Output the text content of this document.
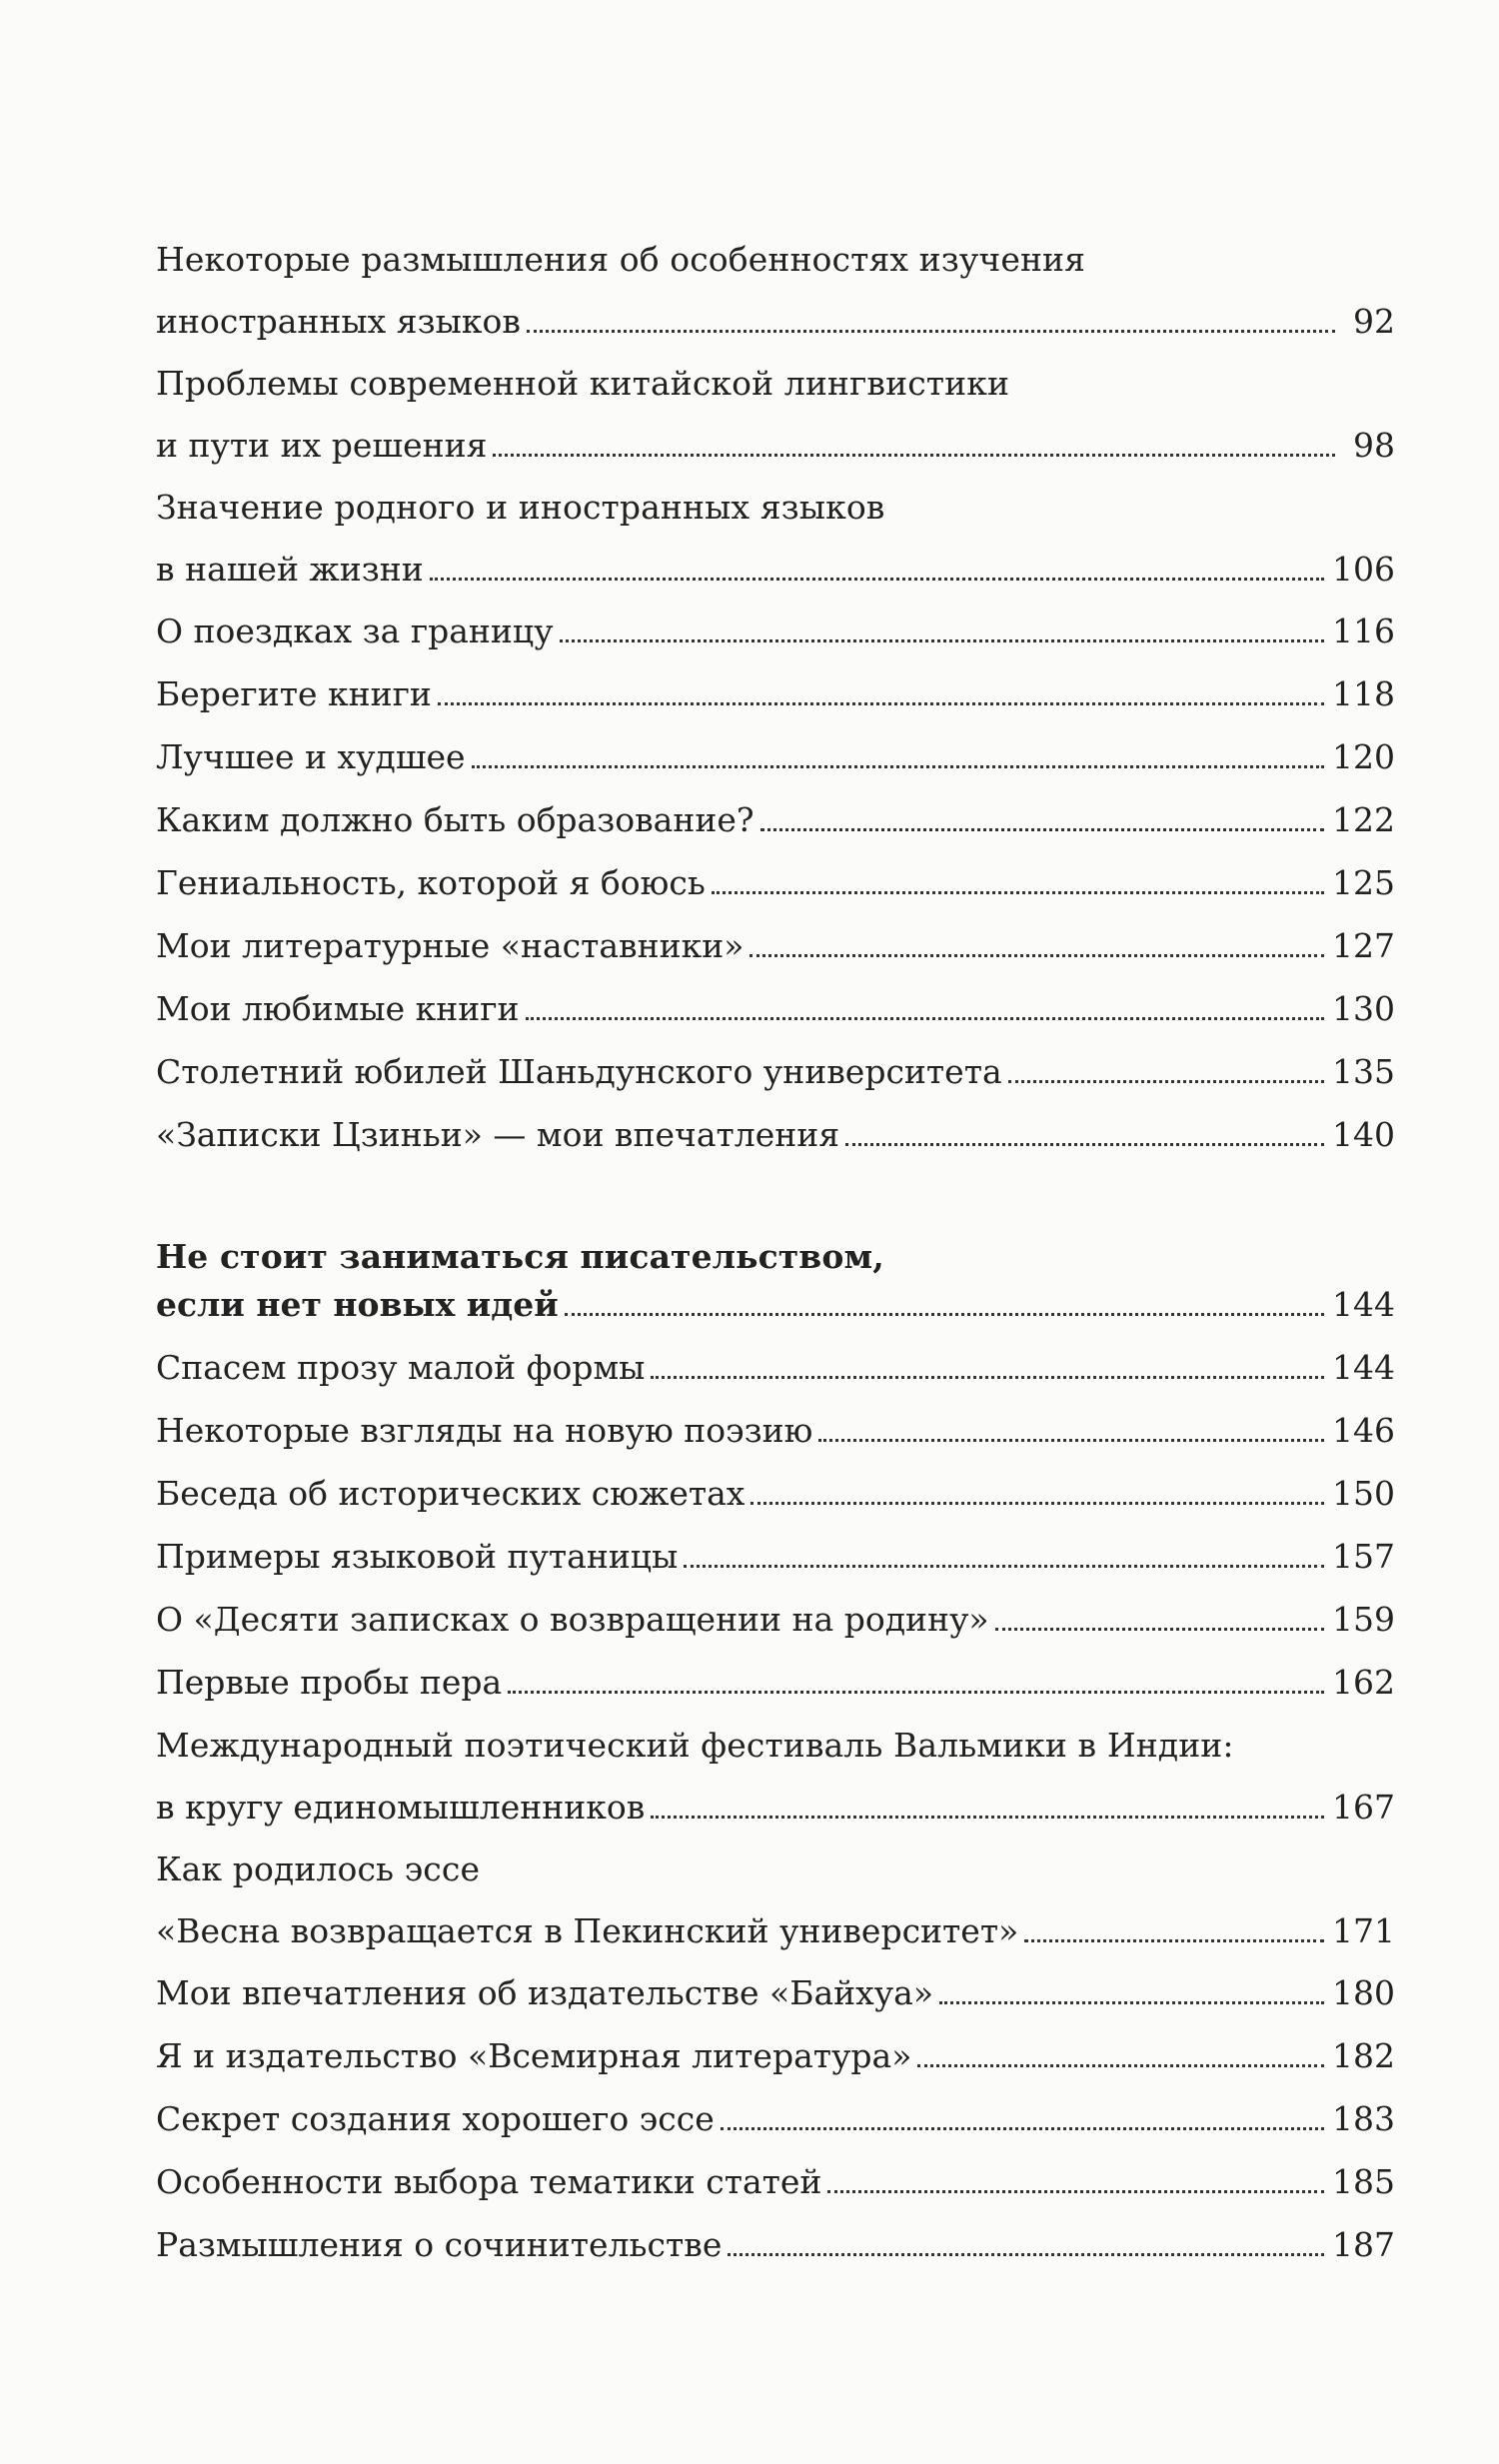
Некоторые размышления об особенностях изучения
иностранных языков	92
Проблемы современной китайской лингвистики
и пути их решения	98
Значение родного и иностранных языков
в нашей жизни	106
О поездках за границу	116
Берегите книги	118
Лучшее и худшее	120
Каким должно быть образование?	122
Гениальность, которой я боюсь	125
Мои литературные «наставники»	127
Мои любимые книги	130
Столетний юбилей Шаньдунского университета	135
«Записки Цзиньи» — мои впечатления	140
Не стоит заниматься писательством,
если нет новых идей	144
Спасем прозу малой формы	144
Некоторые взгляды на новую поэзию	146
Беседа об исторических сюжетах	150
Примеры языковой путаницы	157
О «Десяти записках о возвращении на родину»	159
Первые пробы пера	162
Международный поэтический фестиваль Вальмики в Индии:
в кругу единомышленников	167
Как родилось эссе
«Весна возвращается в Пекинский университет»	171
Мои впечатления об издательстве «Байхуа»	180
Я и издательство «Всемирная литература»	182
Секрет создания хорошего эссе	183
Особенности выбора тематики статей	185
Размышления о сочинительстве	187
